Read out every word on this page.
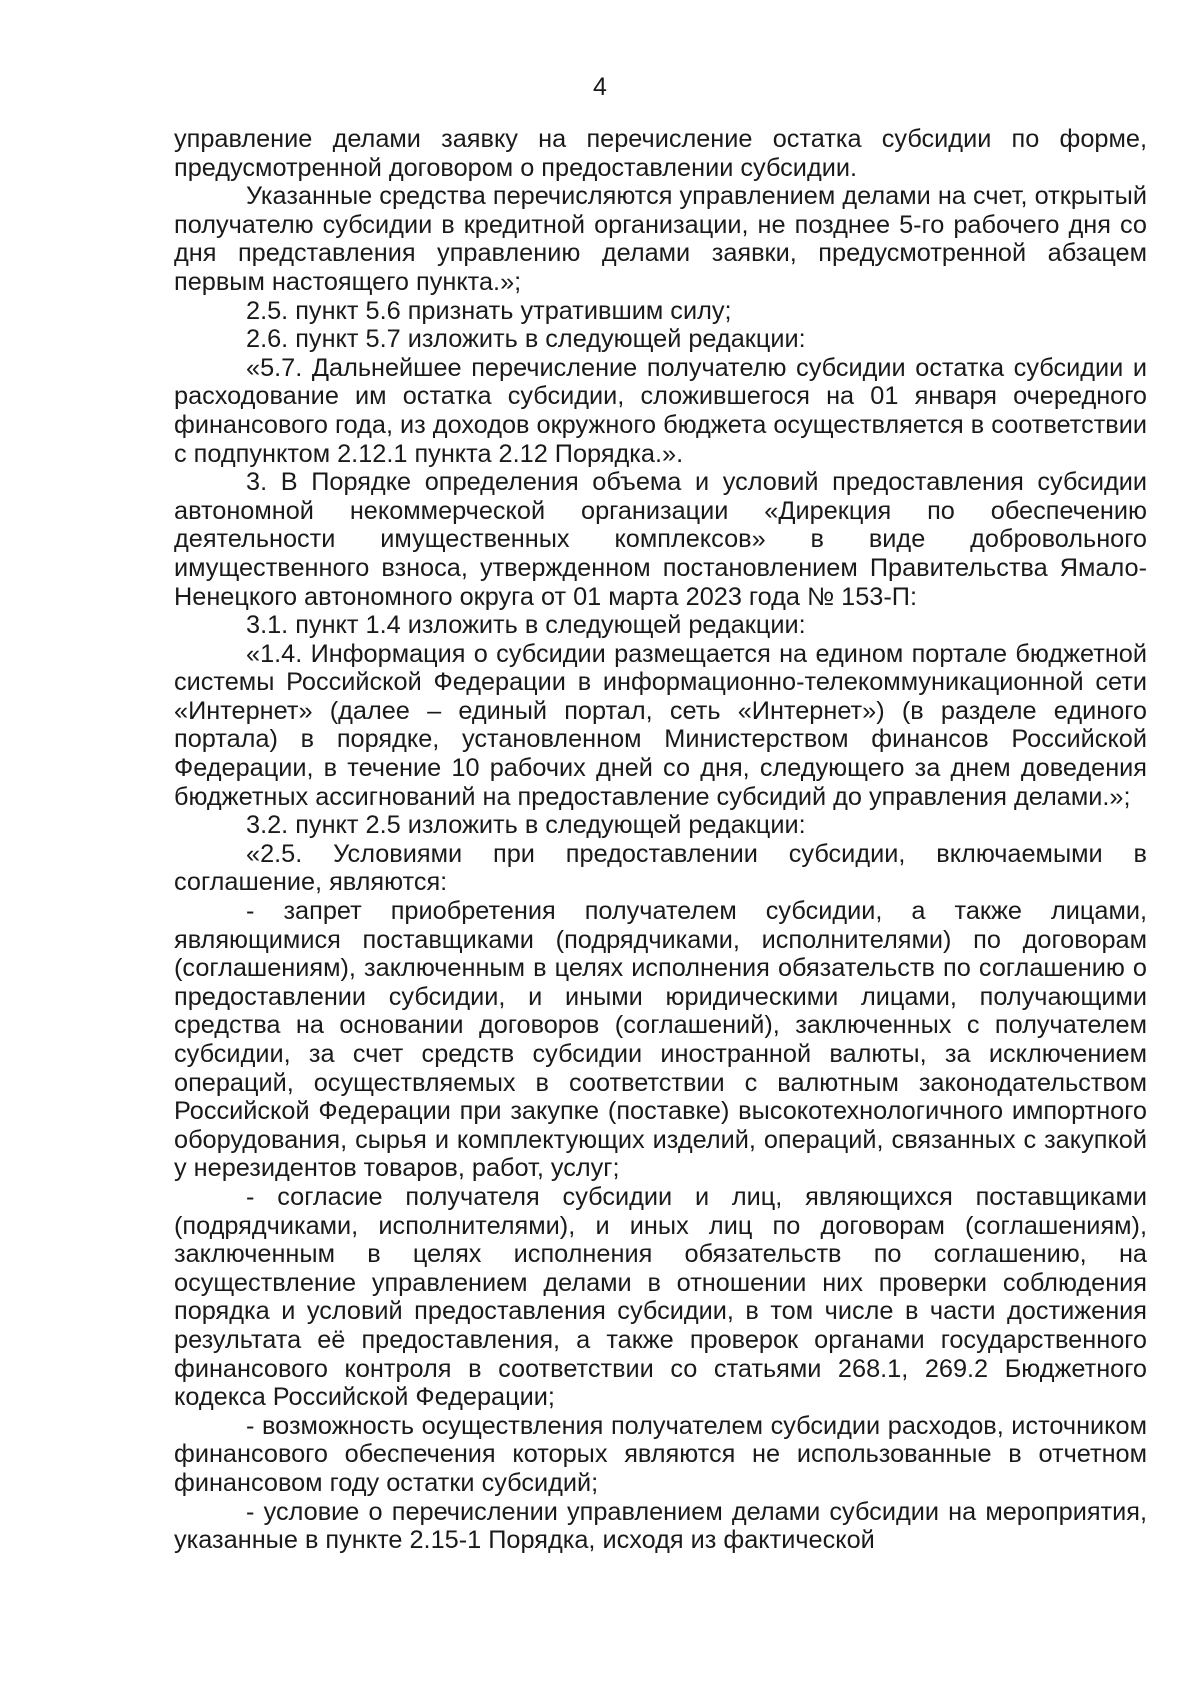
4

управление делами заявку на перечисление остатка субсидии по форме, предусмотренной договором о предоставлении субсидии.

Указанные средства перечисляются управлением делами на счет, открытый получателю субсидии в кредитной организации, не позднее 5-го рабочего дня со дня представления управлению делами заявки, предусмотренной абзацем первым настоящего пункта.»;

2.5. пункт 5.6 признать утратившим силу;

2.6. пункт 5.7 изложить в следующей редакции:

«5.7. Дальнейшее перечисление получателю субсидии остатка субсидии и расходование им остатка субсидии, сложившегося на 01 января очередного финансового года, из доходов окружного бюджета осуществляется в соответствии с подпунктом 2.12.1 пункта 2.12 Порядка.».

3. В Порядке определения объема и условий предоставления субсидии автономной некоммерческой организации «Дирекция по обеспечению деятельности имущественных комплексов» в виде добровольного имущественного взноса, утвержденном постановлением Правительства Ямало-Ненецкого автономного округа от 01 марта 2023 года № 153-П:

3.1. пункт 1.4 изложить в следующей редакции:

«1.4. Информация о субсидии размещается на едином портале бюджетной системы Российской Федерации в информационно-телекоммуникационной сети «Интернет» (далее – единый портал, сеть «Интернет») (в разделе единого портала) в порядке, установленном Министерством финансов Российской Федерации, в течение 10 рабочих дней со дня, следующего за днем доведения бюджетных ассигнований на предоставление субсидий до управления делами.»;

3.2. пункт 2.5 изложить в следующей редакции:

«2.5. Условиями при предоставлении субсидии, включаемыми в соглашение, являются:

- запрет приобретения получателем субсидии, а также лицами, являющимися поставщиками (подрядчиками, исполнителями) по договорам (соглашениям), заключенным в целях исполнения обязательств по соглашению о предоставлении субсидии, и иными юридическими лицами, получающими средства на основании договоров (соглашений), заключенных с получателем субсидии, за счет средств субсидии иностранной валюты, за исключением операций, осуществляемых в соответствии с валютным законодательством Российской Федерации при закупке (поставке) высокотехнологичного импортного оборудования, сырья и комплектующих изделий, операций, связанных с закупкой у нерезидентов товаров, работ, услуг;

- согласие получателя субсидии и лиц, являющихся поставщиками (подрядчиками, исполнителями), и иных лиц по договорам (соглашениям), заключенным в целях исполнения обязательств по соглашению, на осуществление управлением делами в отношении них проверки соблюдения порядка и условий предоставления субсидии, в том числе в части достижения результата её предоставления, а также проверок органами государственного финансового контроля в соответствии со статьями 268.1, 269.2 Бюджетного кодекса Российской Федерации;

- возможность осуществления получателем субсидии расходов, источником финансового обеспечения которых являются не использованные в отчетном финансовом году остатки субсидий;

- условие о перечислении управлением делами субсидии на мероприятия, указанные в пункте 2.15-1 Порядка, исходя из фактической
